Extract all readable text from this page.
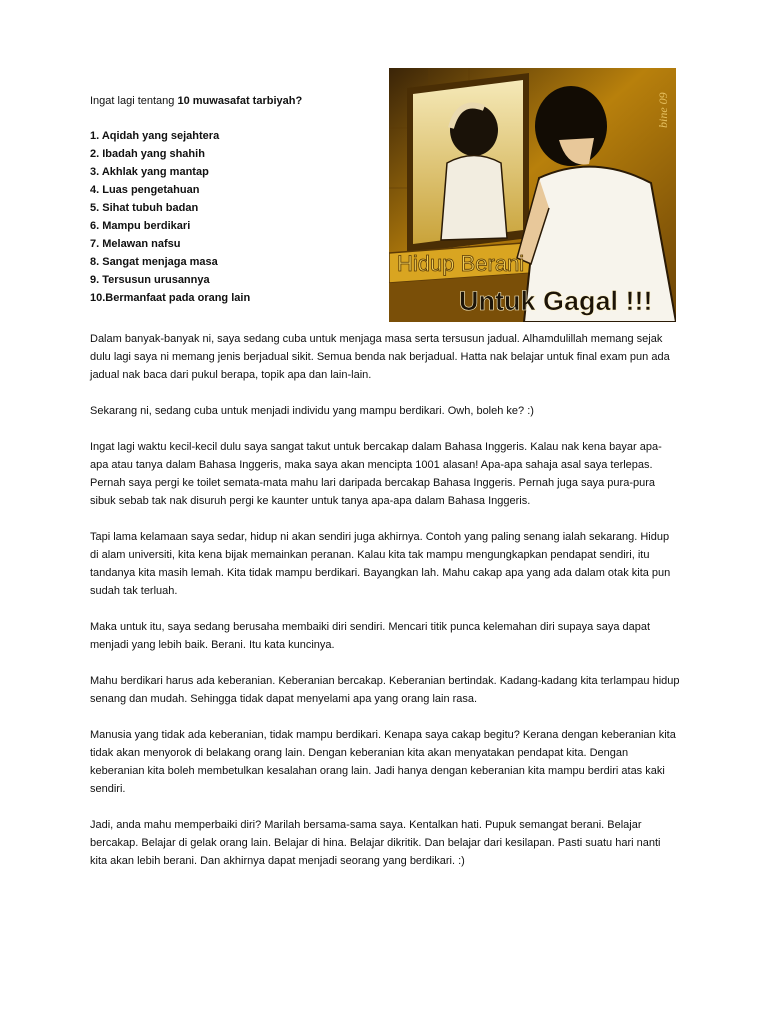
Ingat lagi tentang 10 muwasafat tarbiyah?

1. Aqidah yang sejahtera
2. Ibadah yang shahih
3. Akhlak yang mantap
4. Luas pengetahuan
5. Sihat tubuh badan
6. Mampu berdikari
7. Melawan nafsu
8. Sangat menjaga masa
9. Tersusun urusannya
10.Bermanfaat pada orang lain
bine 09
Hidup Berani
Untuk Gagal !!!

Dalam banyak-banyak ni, saya sedang cuba untuk menjaga masa serta tersusun jadual. Alhamdulillah memang sejak dulu lagi saya ni memang jenis berjadual sikit. Semua benda nak berjadual. Hatta nak belajar untuk final exam pun ada jadual nak baca dari pukul berapa, topik apa dan lain-lain.

Sekarang ni, sedang cuba untuk menjadi individu yang mampu berdikari. Owh, boleh ke? :)

Ingat lagi waktu kecil-kecil dulu saya sangat takut untuk bercakap dalam Bahasa Inggeris. Kalau nak kena bayar apa-apa atau tanya dalam Bahasa Inggeris, maka saya akan mencipta 1001 alasan! Apa-apa sahaja asal saya terlepas. Pernah saya pergi ke toilet semata-mata mahu lari daripada bercakap Bahasa Inggeris. Pernah juga saya pura-pura sibuk sebab tak nak disuruh pergi ke kaunter untuk tanya apa-apa dalam Bahasa Inggeris.

Tapi lama kelamaan saya sedar, hidup ni akan sendiri juga akhirnya. Contoh yang paling senang ialah sekarang. Hidup di alam universiti, kita kena bijak memainkan peranan. Kalau kita tak mampu mengungkapkan pendapat sendiri, itu tandanya kita masih lemah. Kita tidak mampu berdikari. Bayangkan lah. Mahu cakap apa yang ada dalam otak kita pun sudah tak terluah.

Maka untuk itu, saya sedang berusaha membaiki diri sendiri. Mencari titik punca kelemahan diri supaya saya dapat menjadi yang lebih baik. Berani. Itu kata kuncinya.

Mahu berdikari harus ada keberanian. Keberanian bercakap. Keberanian bertindak. Kadang-kadang kita terlampau hidup senang dan mudah. Sehingga tidak dapat menyelami apa yang orang lain rasa.

Manusia yang tidak ada keberanian, tidak mampu berdikari. Kenapa saya cakap begitu? Kerana dengan keberanian kita tidak akan menyorok di belakang orang lain. Dengan keberanian kita akan menyatakan pendapat kita. Dengan keberanian kita boleh membetulkan kesalahan orang lain. Jadi hanya dengan keberanian kita mampu berdiri atas kaki sendiri.

Jadi, anda mahu memperbaiki diri? Marilah bersama-sama saya. Kentalkan hati. Pupuk semangat berani. Belajar bercakap. Belajar di gelak orang lain. Belajar di hina. Belajar dikritik. Dan belajar dari kesilapan. Pasti suatu hari nanti kita akan lebih berani. Dan akhirnya dapat menjadi seorang yang berdikari. :)
